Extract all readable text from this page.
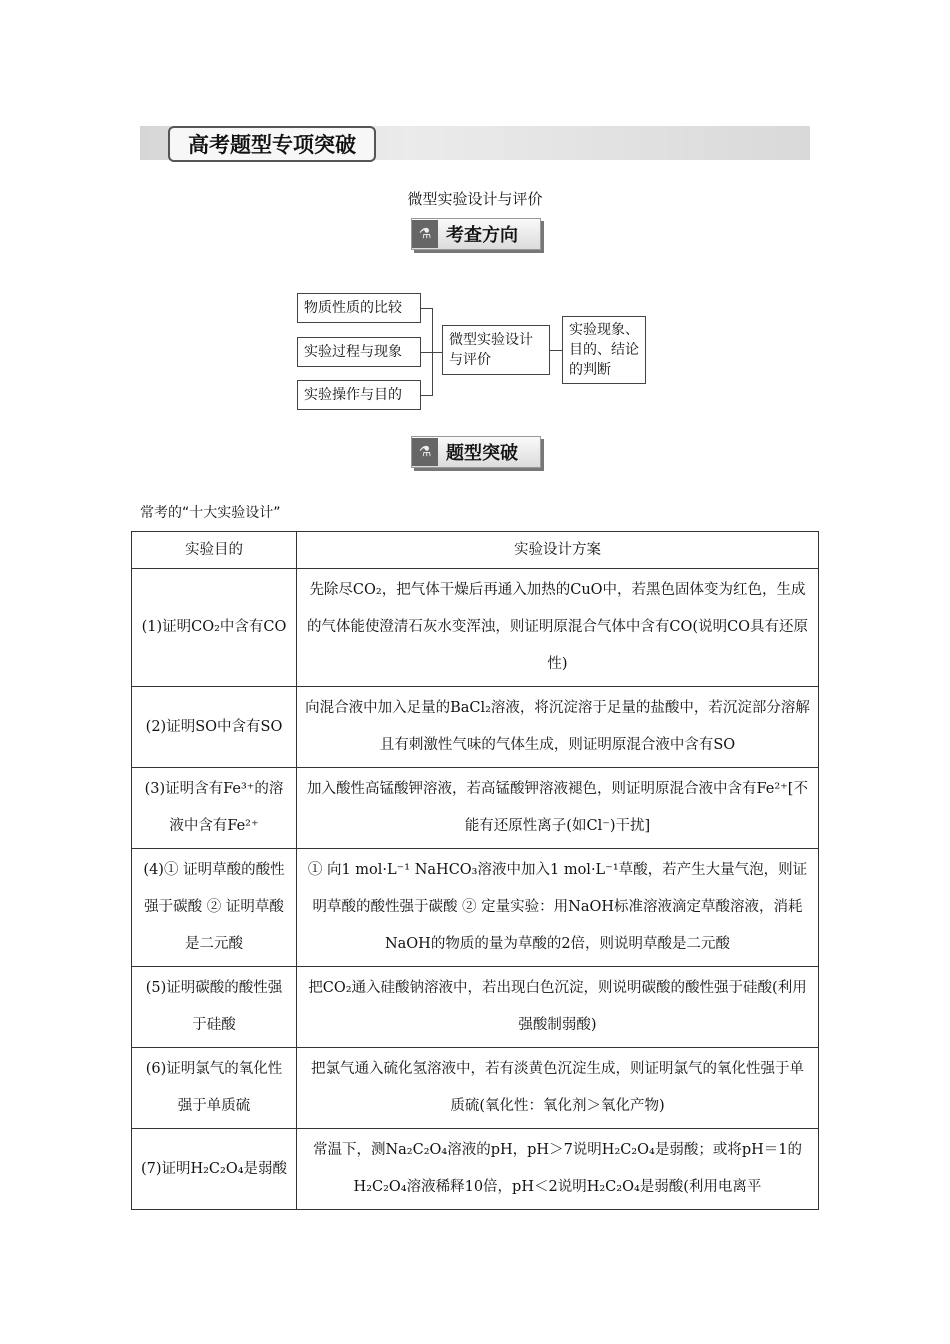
高考题型专项突破
微型实验设计与评价
⚗ 考查方向
物质性质的比较
实验过程与现象
实验操作与目的
微型实验设计与评价
实验现象、目的、结论的判断
⚗ 题型突破
常考的“十大实验设计”
实验目的	实验设计方案
(1)证明CO₂中含有CO	先除尽CO₂，把气体干燥后再通入加热的CuO中，若黑色固体变为红色，生成的气体能使澄清石灰水变浑浊，则证明原混合气体中含有CO(说明CO具有还原性)
(2)证明SO中含有SO	向混合液中加入足量的BaCl₂溶液，将沉淀溶于足量的盐酸中，若沉淀部分溶解且有刺激性气味的气体生成，则证明原混合液中含有SO
(3)证明含有Fe³⁺的溶液中含有Fe²⁺	加入酸性高锰酸钾溶液，若高锰酸钾溶液褪色，则证明原混合液中含有Fe²⁺[不能有还原性离子(如Cl⁻)干扰]
(4)① 证明草酸的酸性强于碳酸 ② 证明草酸是二元酸	① 向1 mol·L⁻¹ NaHCO₃溶液中加入1 mol·L⁻¹草酸，若产生大量气泡，则证明草酸的酸性强于碳酸 ② 定量实验：用NaOH标准溶液滴定草酸溶液，消耗NaOH的物质的量为草酸的2倍，则说明草酸是二元酸
(5)证明碳酸的酸性强于硅酸	把CO₂通入硅酸钠溶液中，若出现白色沉淀，则说明碳酸的酸性强于硅酸(利用强酸制弱酸)
(6)证明氯气的氧化性强于单质硫	把氯气通入硫化氢溶液中，若有淡黄色沉淀生成，则证明氯气的氧化性强于单质硫(氧化性：氧化剂＞氧化产物)
(7)证明H₂C₂O₄是弱酸	常温下，测Na₂C₂O₄溶液的pH，pH＞7说明H₂C₂O₄是弱酸；或将pH＝1的H₂C₂O₄溶液稀释10倍，pH＜2说明H₂C₂O₄是弱酸(利用电离平
